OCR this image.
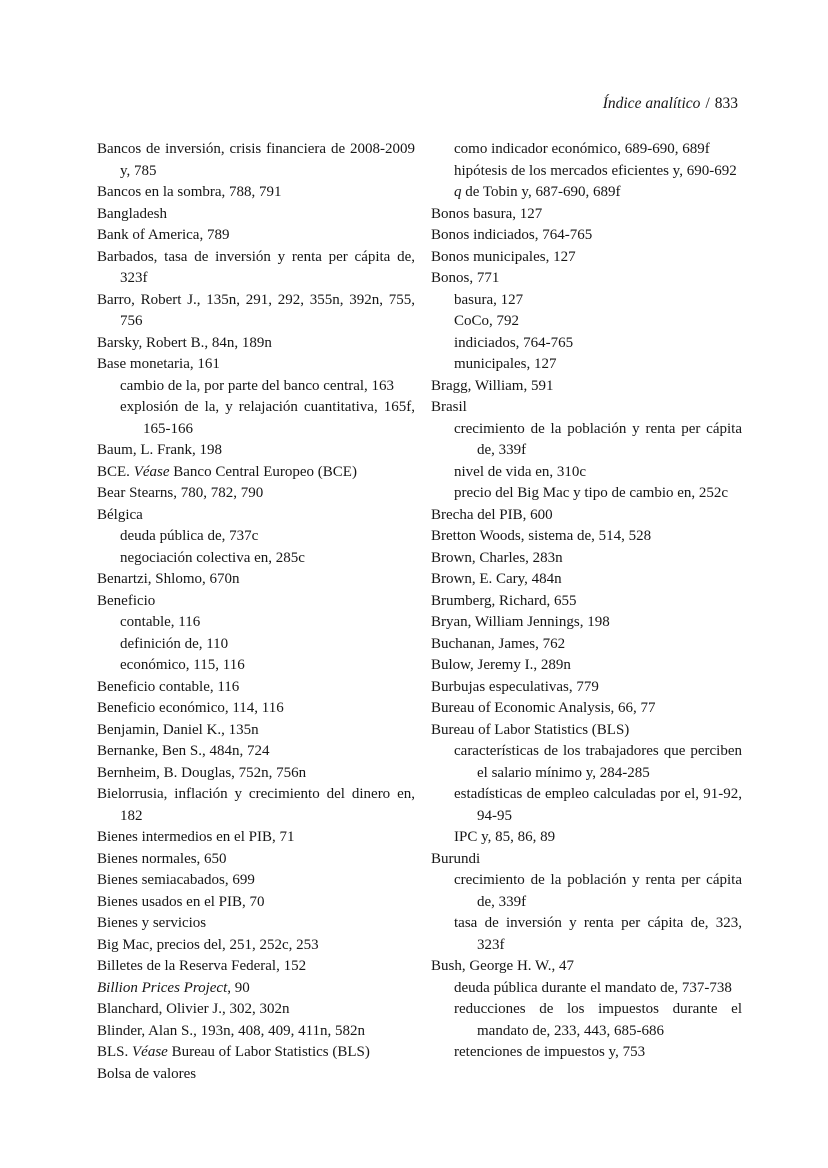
Índice analítico / 833
Bancos de inversión, crisis financiera de 2008-2009 y, 785
Bancos en la sombra, 788, 791
Bangladesh
Bank of America, 789
Barbados, tasa de inversión y renta per cápita de, 323f
Barro, Robert J., 135n, 291, 292, 355n, 392n, 755, 756
Barsky, Robert B., 84n, 189n
Base monetaria, 161
cambio de la, por parte del banco central, 163
explosión de la, y relajación cuantitativa, 165f, 165-166
Baum, L. Frank, 198
BCE. Véase Banco Central Europeo (BCE)
Bear Stearns, 780, 782, 790
Bélgica
deuda pública de, 737c
negociación colectiva en, 285c
Benartzi, Shlomo, 670n
Beneficio
contable, 116
definición de, 110
económico, 115, 116
Beneficio contable, 116
Beneficio económico, 114, 116
Benjamin, Daniel K., 135n
Bernanke, Ben S., 484n, 724
Bernheim, B. Douglas, 752n, 756n
Bielorrusia, inflación y crecimiento del dinero en, 182
Bienes intermedios en el PIB, 71
Bienes normales, 650
Bienes semiacabados, 699
Bienes usados en el PIB, 70
Bienes y servicios
Big Mac, precios del, 251, 252c, 253
Billetes de la Reserva Federal, 152
Billion Prices Project, 90
Blanchard, Olivier J., 302, 302n
Blinder, Alan S., 193n, 408, 409, 411n, 582n
BLS. Véase Bureau of Labor Statistics (BLS)
Bolsa de valores
como indicador económico, 689-690, 689f
hipótesis de los mercados eficientes y, 690-692
q de Tobin y, 687-690, 689f
Bonos basura, 127
Bonos indiciados, 764-765
Bonos municipales, 127
Bonos, 771
basura, 127
CoCo, 792
indiciados, 764-765
municipales, 127
Bragg, William, 591
Brasil
crecimiento de la población y renta per cápita de, 339f
nivel de vida en, 310c
precio del Big Mac y tipo de cambio en, 252c
Brecha del PIB, 600
Bretton Woods, sistema de, 514, 528
Brown, Charles, 283n
Brown, E. Cary, 484n
Brumberg, Richard, 655
Bryan, William Jennings, 198
Buchanan, James, 762
Bulow, Jeremy I., 289n
Burbujas especulativas, 779
Bureau of Economic Analysis, 66, 77
Bureau of Labor Statistics (BLS)
características de los trabajadores que perciben el salario mínimo y, 284-285
estadísticas de empleo calculadas por el, 91-92, 94-95
IPC y, 85, 86, 89
Burundi
crecimiento de la población y renta per cápita de, 339f
tasa de inversión y renta per cápita de, 323, 323f
Bush, George H. W., 47
deuda pública durante el mandato de, 737-738
reducciones de los impuestos durante el mandato de, 233, 443, 685-686
retenciones de impuestos y, 753
